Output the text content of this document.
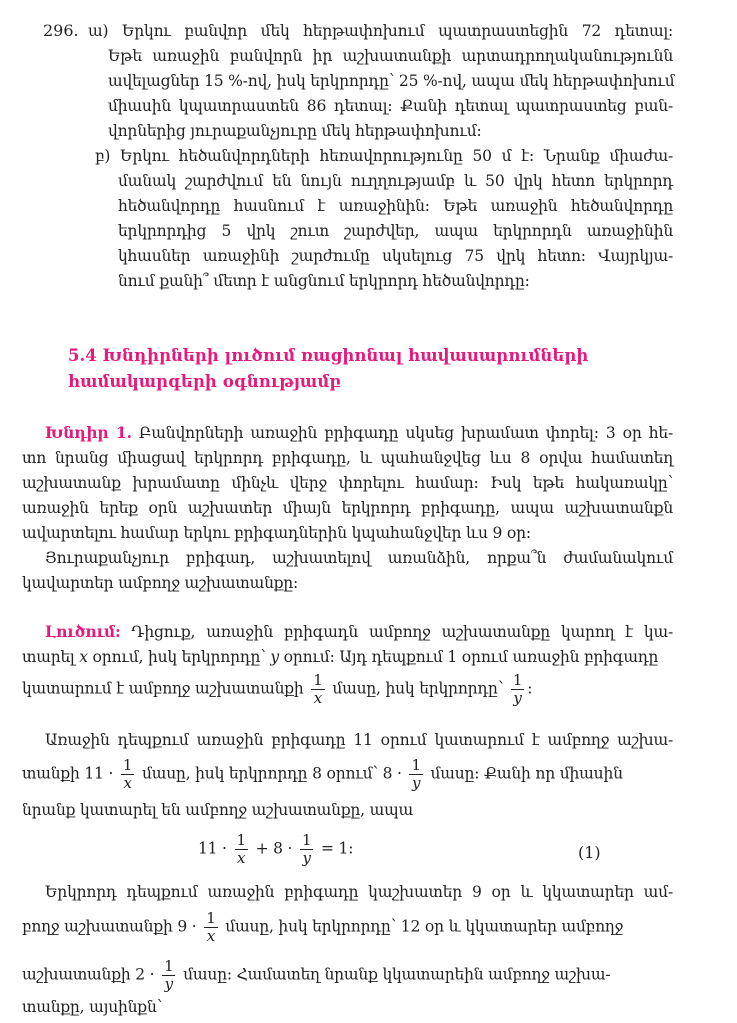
296. ա) Երկու բանվոր մեկ հերթափոխում պատրաստեցին 72 դետալ:
Եթե առաջին բանվորն իր աշխատանքի արտադրողականությունն
ավելացներ 15 %-ով, իսկ երկրորդը՝ 25 %-ով, ապա մեկ հերթափոխում
միասին կպատրաստեն 86 դետալ: Քանի դետալ պատրաստեց բան-
վորներից յուրաքանչյուրը մեկ հերթափոխում:
բ) Երկու հեծանվորդների հեռավորությունը 50 մ է: Նրանք միաժա-
մանակ շարժվում են նույն ուղղությամբ և 50 վրկ հետո երկրորդ
հեծանվորդը հասնում է առաջինին: Եթե առաջին հեծանվորդը
երկրորդից 5 վրկ շուտ շարժվեր, ապա երկրորդն առաջինին
կհասներ առաջինի շարժումը սկսելուց 75 վրկ հետո: Վայրկյա-
նում քանի՞ մետր է անցնում երկրորդ հեծանվորդը:
5.4 Խնդիրների լուծում ռացիոնալ հավասարումների
համակարգերի օգնությամբ
Խնդիր 1. Բանվորների առաջին բրիգադը սկսեց խրամատ փորել: 3 օր հե-
տո նրանց միացավ երկրորդ բրիգադը, և պահանջվեց ևս 8 օրվա համատեղ
աշխատանք խրամատը մինչև վերջ փորելու համար: Իսկ եթե հակառակը՝
առաջին երեք օրն աշխատեր միայն երկրորդ բրիգադը, ապա աշխատանքն
ավարտելու համար երկու բրիգադներին կպահանջվեր ևս 9 օր:
Յուրաքանչյուր բրիգադ, աշխատելով առանձին, որքա՞ն ժամանակում
կավարտեր ամբողջ աշխատանքը:
Լուծում: Դիցուք, առաջին բրիգադն ամբողջ աշխատանքը կարող է կա-
տարել x օրում, իսկ երկրորդը՝ y օրում: Այդ դեպքում 1 օրում առաջին բրիգադը
կատարում է ամբողջ աշխատանքի $\frac{1}{x}$ մասը, իսկ երկրորդը՝ $\frac{1}{y}$ :
Առաջին դեպքում առաջին բրիգադը 11 օրում կատարում է ամբողջ աշխա-
տանքի $11 \cdot \frac{1}{x}$ մասը, իսկ երկրորդը 8 օրում՝ $8 \cdot \frac{1}{y}$ մասը: Քանի որ միասին
նրանք կատարել են ամբողջ աշխատանքը, ապա
$11 \cdot \frac{1}{x} + 8 \cdot \frac{1}{y} = 1$:	(1)
Երկրորդ դեպքում առաջին բրիգադը կաշխատեր 9 օր և կկատարեր ամ-
բողջ աշխատանքի $9 \cdot \frac{1}{x}$ մասը, իսկ երկրորդը՝ 12 օր և կկատարեր ամբողջ
աշխատանքի $2 \cdot \frac{1}{y}$ մասը: Համատեղ նրանք կկատարեին ամբողջ աշխա-
տանքը, այսինքն՝
